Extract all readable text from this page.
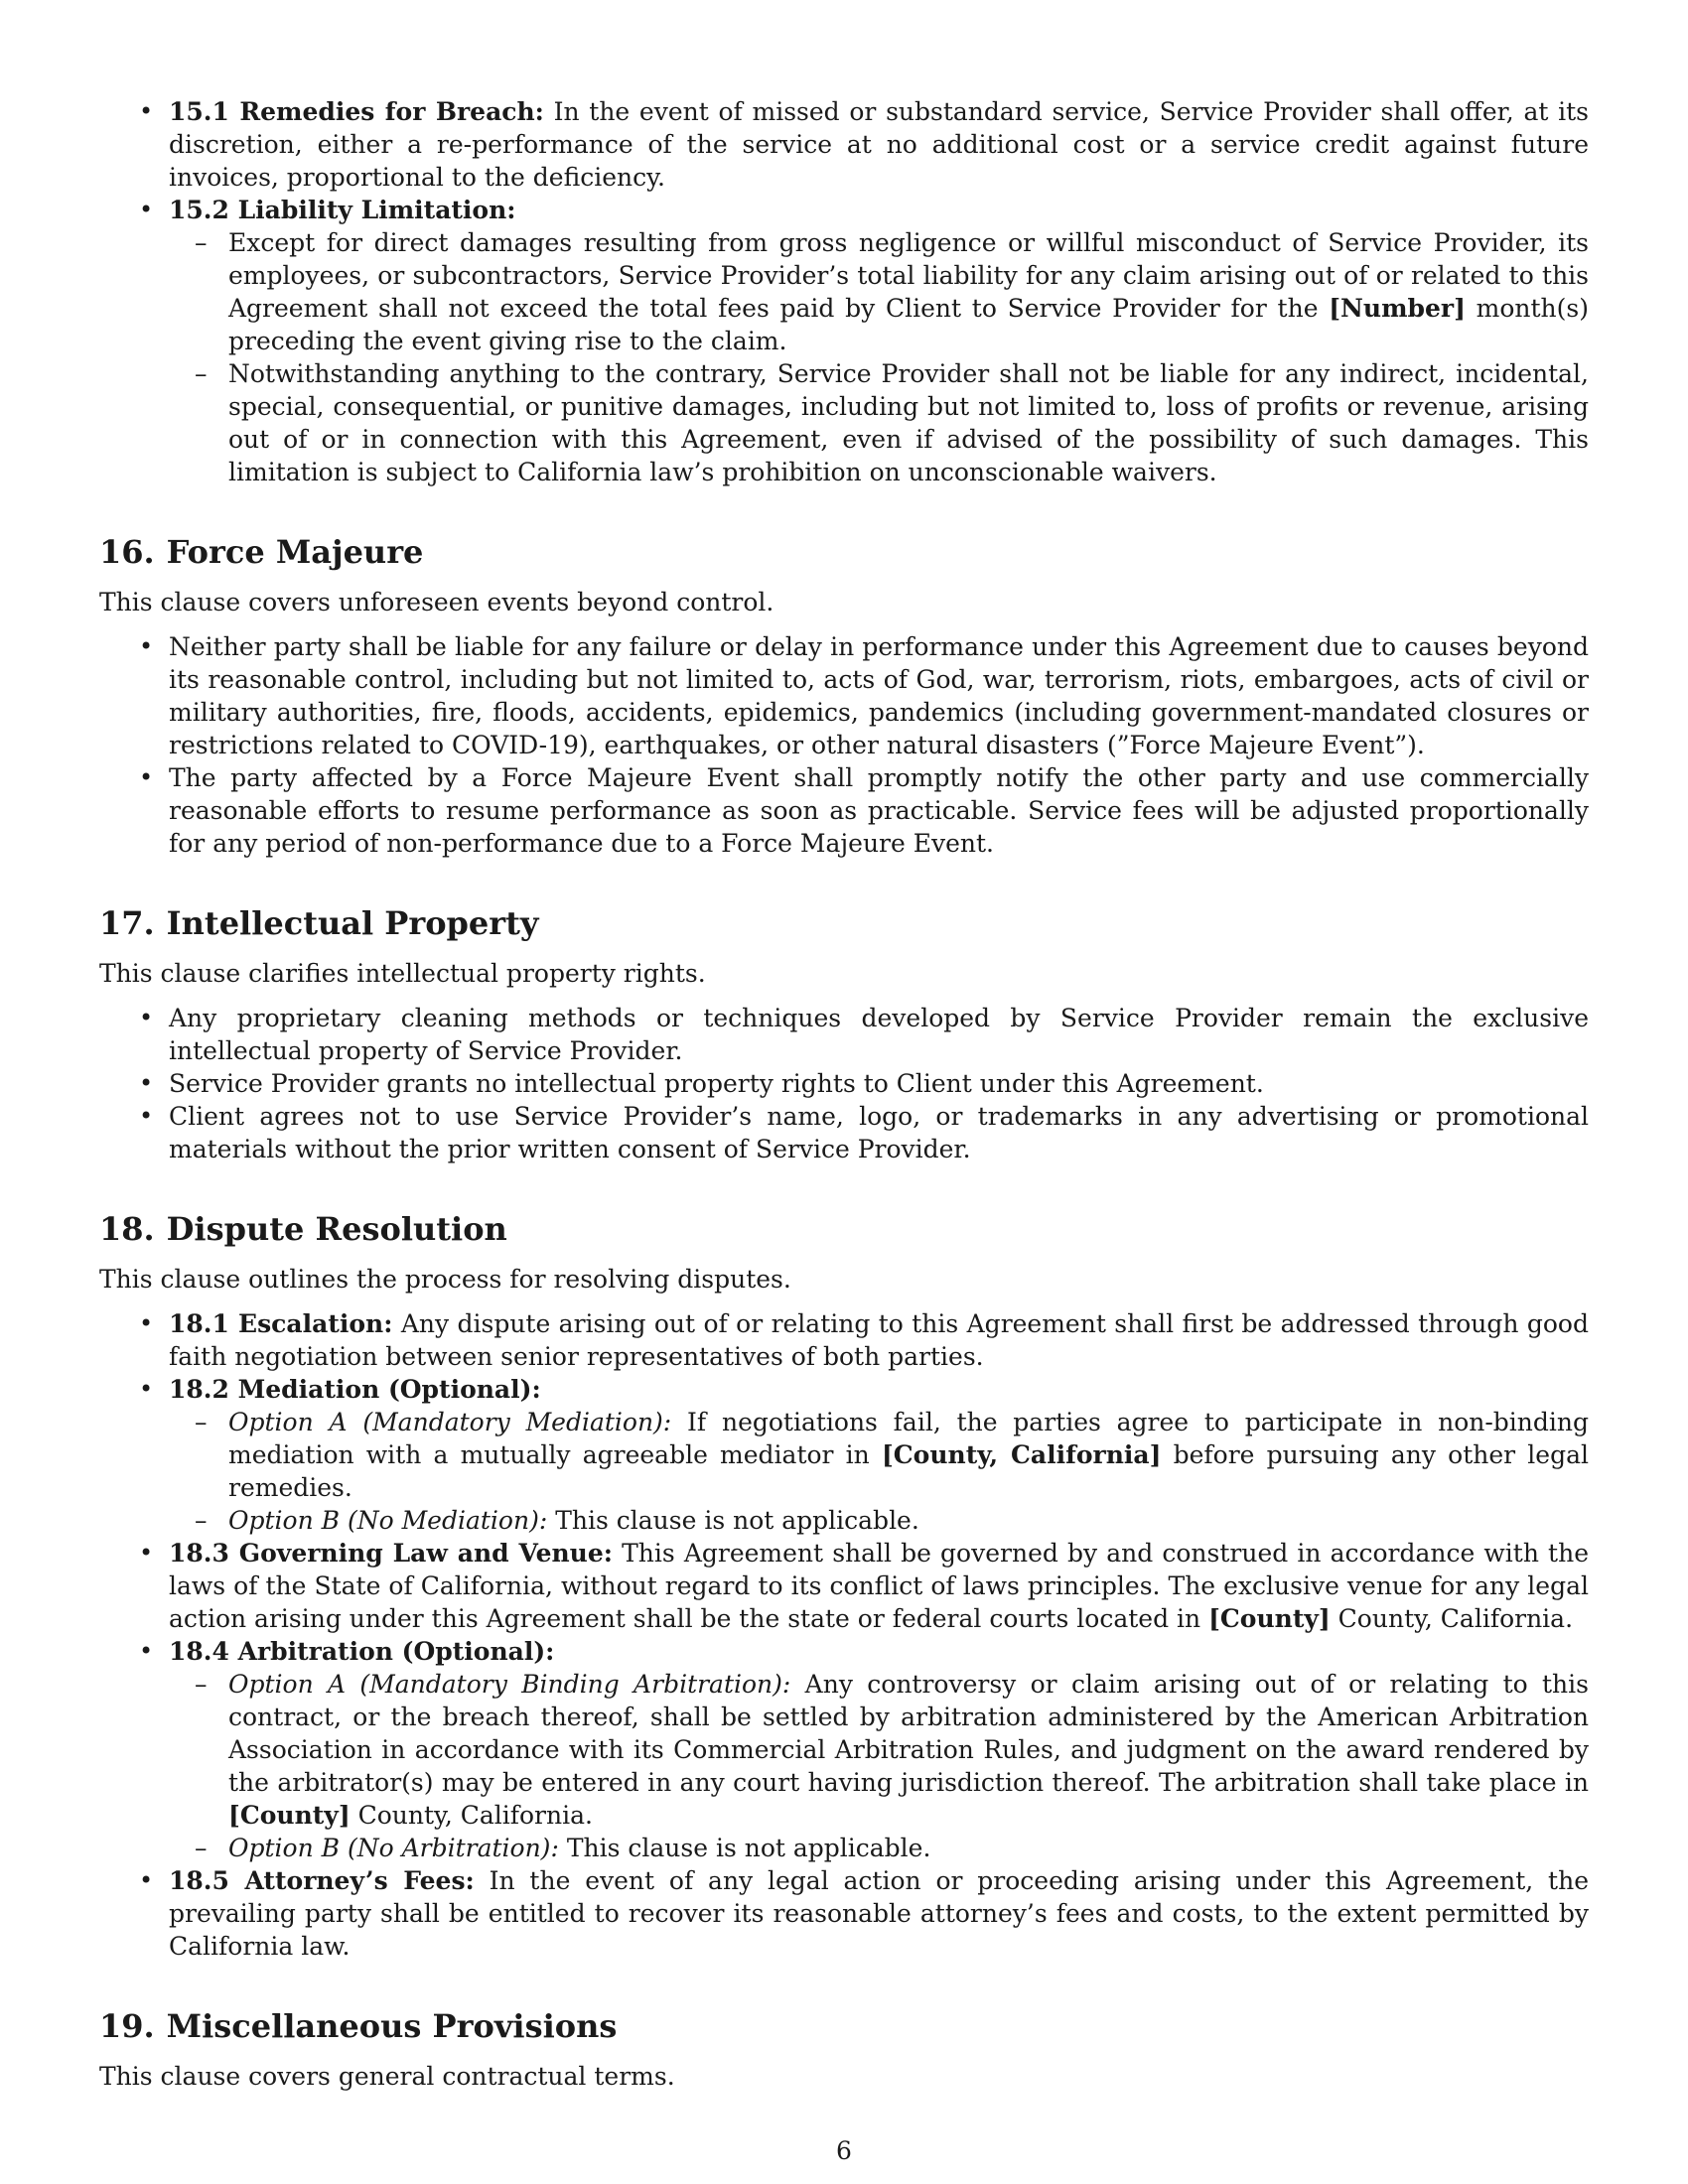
• 15.1 Remedies for Breach: In the event of missed or substandard service, Service Provider shall offer, at its discretion, either a re-performance of the service at no additional cost or a service credit against future invoices, proportional to the deficiency.
• 15.2 Liability Limitation:
– Except for direct damages resulting from gross negligence or willful misconduct of Service Provider, its employees, or subcontractors, Service Provider’s total liability for any claim arising out of or related to this Agreement shall not exceed the total fees paid by Client to Service Provider for the [Number] month(s) preceding the event giving rise to the claim.
– Notwithstanding anything to the contrary, Service Provider shall not be liable for any indirect, incidental, special, consequential, or punitive damages, including but not limited to, loss of profits or revenue, arising out of or in connection with this Agreement, even if advised of the possibility of such damages. This limitation is subject to California law’s prohibition on unconscionable waivers.
16. Force Majeure

This clause covers unforeseen events beyond control.

• Neither party shall be liable for any failure or delay in performance under this Agreement due to causes beyond its reasonable control, including but not limited to, acts of God, war, terrorism, riots, embargoes, acts of civil or military authorities, fire, floods, accidents, epidemics, pandemics (including government-mandated closures or restrictions related to COVID-19), earthquakes, or other natural disasters (”Force Majeure Event”).
• The party affected by a Force Majeure Event shall promptly notify the other party and use commercially reasonable efforts to resume performance as soon as practicable. Service fees will be adjusted proportionally for any period of non-performance due to a Force Majeure Event.
17. Intellectual Property

This clause clarifies intellectual property rights.

• Any proprietary cleaning methods or techniques developed by Service Provider remain the exclusive intellectual property of Service Provider.
• Service Provider grants no intellectual property rights to Client under this Agreement.
• Client agrees not to use Service Provider’s name, logo, or trademarks in any advertising or promotional materials without the prior written consent of Service Provider.
18. Dispute Resolution

This clause outlines the process for resolving disputes.

• 18.1 Escalation: Any dispute arising out of or relating to this Agreement shall first be addressed through good faith negotiation between senior representatives of both parties.
• 18.2 Mediation (Optional):
– Option A (Mandatory Mediation): If negotiations fail, the parties agree to participate in non-binding mediation with a mutually agreeable mediator in [County, California] before pursuing any other legal remedies.
– Option B (No Mediation): This clause is not applicable.
• 18.3 Governing Law and Venue: This Agreement shall be governed by and construed in accordance with the laws of the State of California, without regard to its conflict of laws principles. The exclusive venue for any legal action arising under this Agreement shall be the state or federal courts located in [County] County, California.
• 18.4 Arbitration (Optional):
– Option A (Mandatory Binding Arbitration): Any controversy or claim arising out of or relating to this contract, or the breach thereof, shall be settled by arbitration administered by the American Arbitration Association in accordance with its Commercial Arbitration Rules, and judgment on the award rendered by the arbitrator(s) may be entered in any court having jurisdiction thereof. The arbitration shall take place in [County] County, California.
– Option B (No Arbitration): This clause is not applicable.
• 18.5 Attorney’s Fees: In the event of any legal action or proceeding arising under this Agreement, the prevailing party shall be entitled to recover its reasonable attorney’s fees and costs, to the extent permitted by California law.
19. Miscellaneous Provisions

This clause covers general contractual terms.

6
